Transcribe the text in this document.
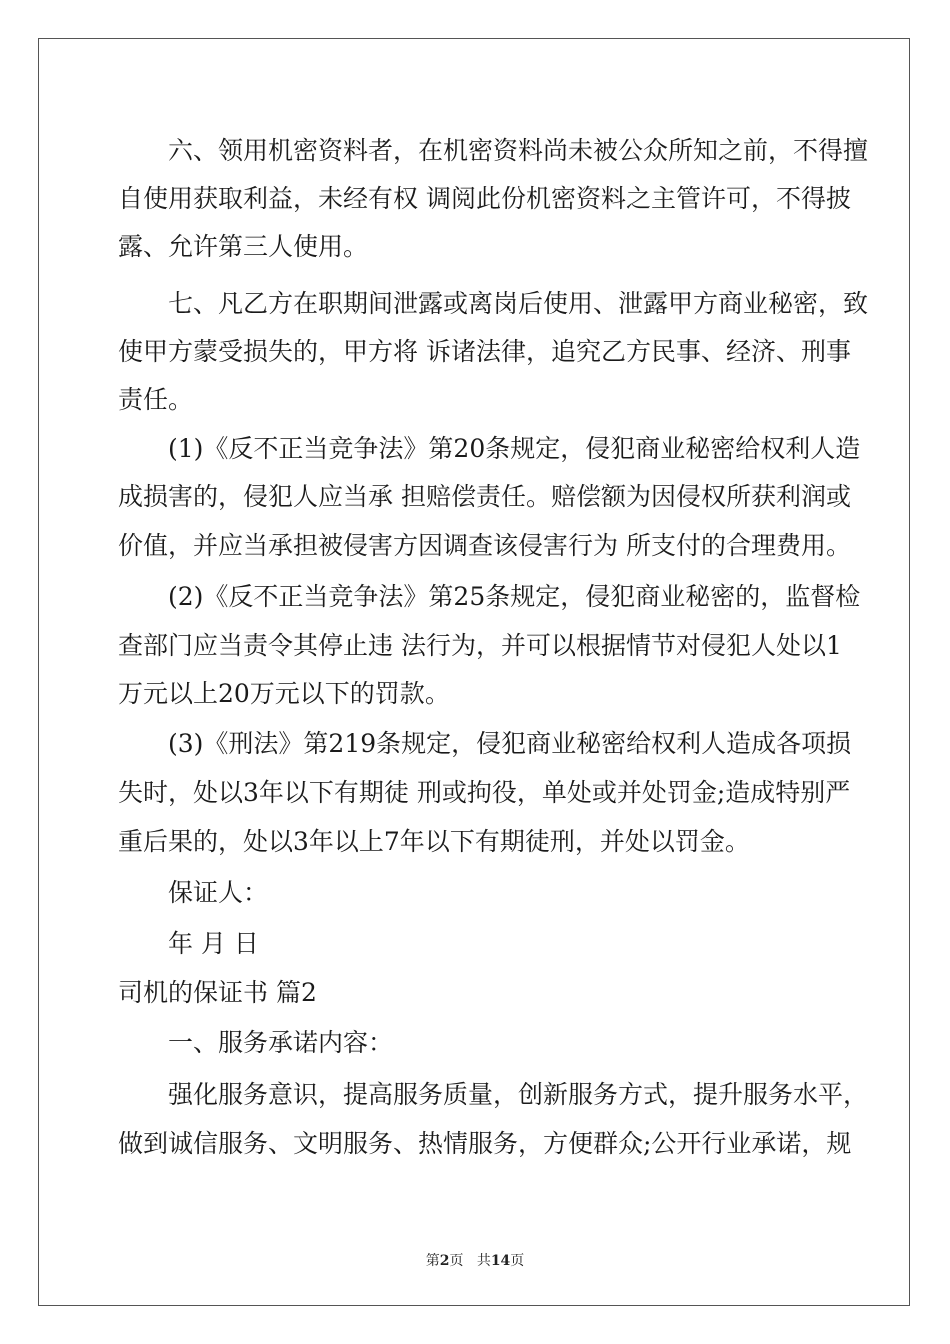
　　六、领用机密资料者，在机密资料尚未被公众所知之前，不得擅
自使用获取利益，未经有权 调阅此份机密资料之主管许可，不得披
露、允许第三人使用。
　　七、凡乙方在职期间泄露或离岗后使用、泄露甲方商业秘密，致
使甲方蒙受损失的，甲方将 诉诸法律，追究乙方民事、经济、刑事
责任。
　　(1)《反不正当竞争法》第20条规定，侵犯商业秘密给权利人造
成损害的，侵犯人应当承 担赔偿责任。赔偿额为因侵权所获利润或
价值，并应当承担被侵害方因调查该侵害行为 所支付的合理费用。
　　(2)《反不正当竞争法》第25条规定，侵犯商业秘密的，监督检
查部门应当责令其停止违 法行为，并可以根据情节对侵犯人处以1
万元以上20万元以下的罚款。
　　(3)《刑法》第219条规定，侵犯商业秘密给权利人造成各项损
失时，处以3年以下有期徒 刑或拘役，单处或并处罚金;造成特别严
重后果的，处以3年以上7年以下有期徒刑，并处以罚金。
　　保证人：
　　年 月 日
司机的保证书 篇2
　　一、服务承诺内容：
　　强化服务意识，提高服务质量，创新服务方式，提升服务水平，
做到诚信服务、文明服务、热情服务，方便群众;公开行业承诺，规
第2页 共14页
